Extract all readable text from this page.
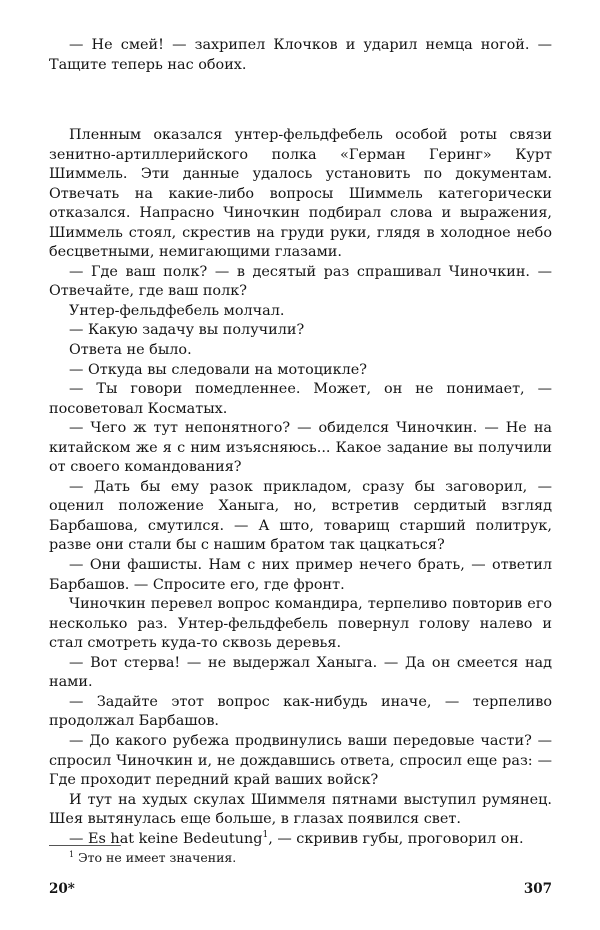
— Не смей! — захрипел Клочков и ударил немца ногой. — Тащите теперь нас обоих.

Пленным оказался унтер-фельдфебель особой роты связи зенитно-артиллерийского полка «Герман Геринг» Курт Шиммель. Эти данные удалось установить по документам. Отвечать на какие-либо вопросы Шиммель категорически отказался. Напрасно Чиночкин подбирал слова и выражения, Шиммель стоял, скрестив на груди руки, глядя в холодное небо бесцветными, немигающими глазами.

— Где ваш полк? — в десятый раз спрашивал Чиночкин. — Отвечайте, где ваш полк?

Унтер-фельдфебель молчал.

— Какую задачу вы получили?

Ответа не было.

— Откуда вы следовали на мотоцикле?

— Ты говори помедленнее. Может, он не понимает, — посоветовал Косматых.

— Чего ж тут непонятного? — обиделся Чиночкин. — Не на китайском же я с ним изъясняюсь... Какое задание вы получили от своего командования?

— Дать бы ему разок прикладом, сразу бы заговорил, — оценил положение Ханыга, но, встретив сердитый взгляд Барбашова, смутился. — А што, товарищ старший политрук, разве они стали бы с нашим братом так цацкаться?

— Они фашисты. Нам с них пример нечего брать, — ответил Барбашов. — Спросите его, где фронт.

Чиночкин перевел вопрос командира, терпеливо повторив его несколько раз. Унтер-фельдфебель повернул голову налево и стал смотреть куда-то сквозь деревья.

— Вот стерва! — не выдержал Ханыга. — Да он смеется над нами.

— Задайте этот вопрос как-нибудь иначе, — терпеливо продолжал Барбашов.

— До какого рубежа продвинулись ваши передовые части? — спросил Чиночкин и, не дождавшись ответа, спросил еще раз: — Где проходит передний край ваших войск?

И тут на худых скулах Шиммеля пятнами выступил румянец. Шея вытянулась еще больше, в глазах появился свет.

— Es hat keine Bedeutung$^1$, — скривив губы, проговорил он.

$^1$ Это не имеет значения.
20*	307
